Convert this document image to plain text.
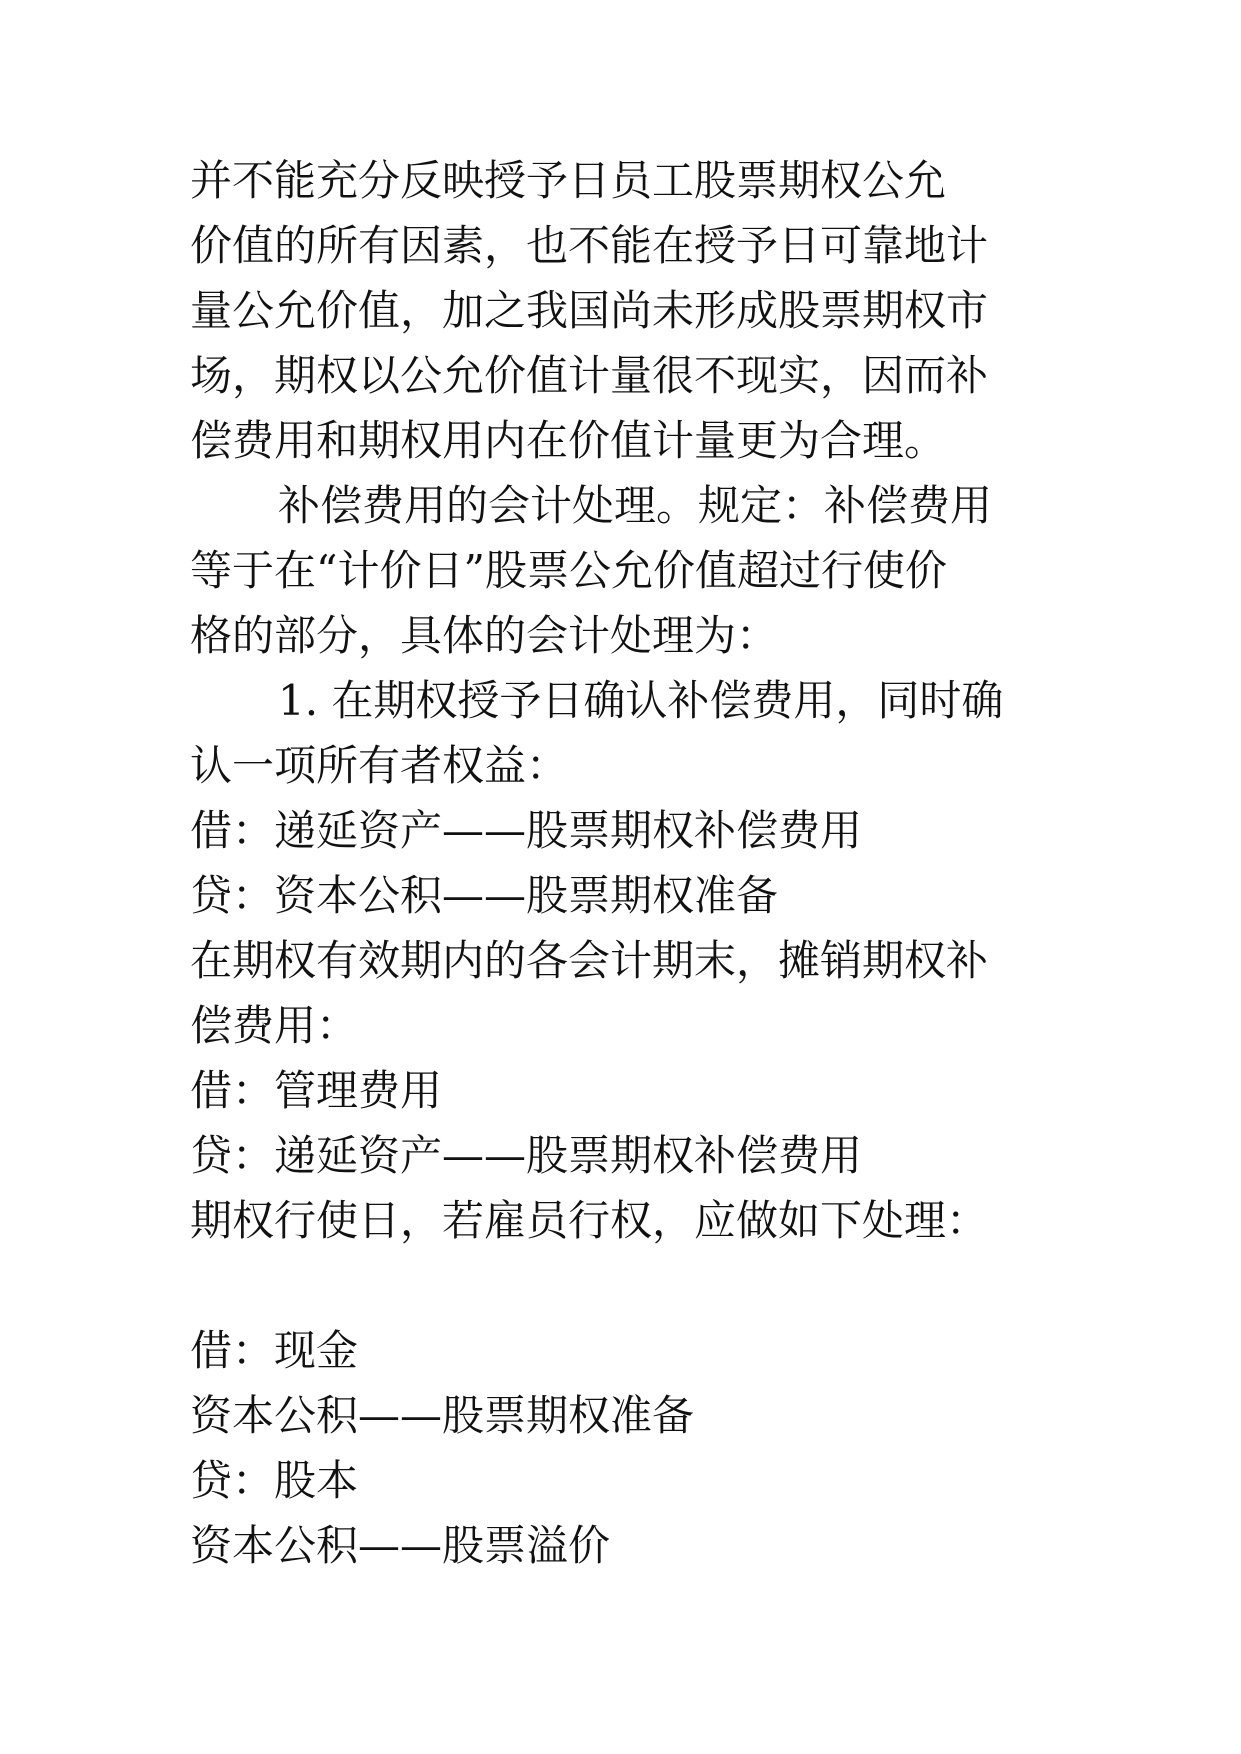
并不能充分反映授予日员工股票期权公允

价值的所有因素，也不能在授予日可靠地计

量公允价值，加之我国尚未形成股票期权市

场，期权以公允价值计量很不现实，因而补

偿费用和期权用内在价值计量更为合理。

补偿费用的会计处理。规定：补偿费用

等于在“计价日”股票公允价值超过行使价

格的部分，具体的会计处理为：

1. 在期权授予日确认补偿费用，同时确

认一项所有者权益：

借：递延资产——股票期权补偿费用

贷：资本公积——股票期权准备

在期权有效期内的各会计期末，摊销期权补

偿费用：

借：管理费用

贷：递延资产——股票期权补偿费用

期权行使日，若雇员行权，应做如下处理：

借：现金

资本公积——股票期权准备

贷：股本

资本公积——股票溢价
